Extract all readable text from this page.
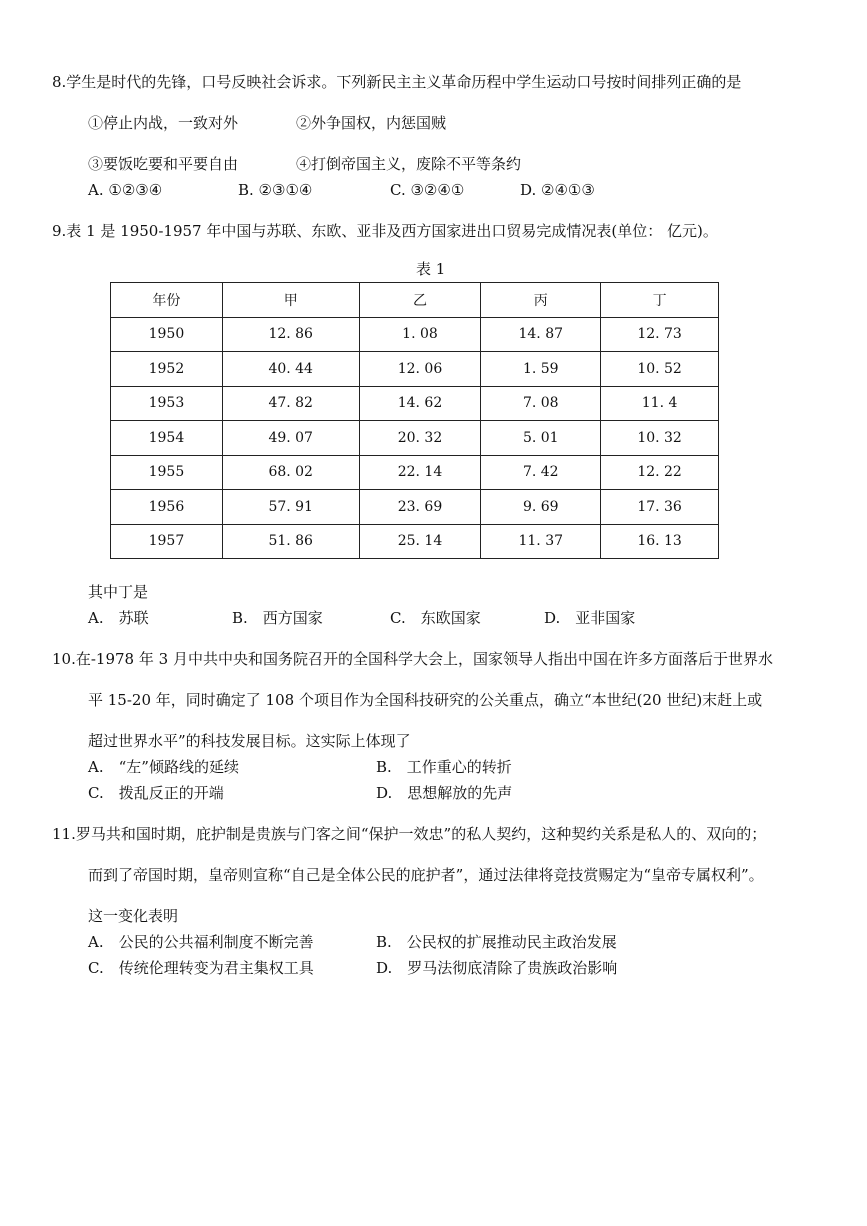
8.学生是时代的先锋，口号反映社会诉求。下列新民主主义革命历程中学生运动口号按时间排列正确的是
①停止内战，一致对外	②外争国权，内惩国贼
③要饭吃要和平要自由	④打倒帝国主义，废除不平等条约
A. ①②③④	B. ②③①④	C. ③②④①	D. ②④①③
9.表 1 是 1950-1957 年中国与苏联、东欧、亚非及西方国家进出口贸易完成情况表(单位： 亿元)。
表 1
年份	甲	乙	丙	丁
1950	12. 86	1. 08	14. 87	12. 73
1952	40. 44	12. 06	1. 59	10. 52
1953	47. 82	14. 62	7. 08	11. 4
1954	49. 07	20. 32	5. 01	10. 32
1955	68. 02	22. 14	7. 42	12. 22
1956	57. 91	23. 69	9. 69	17. 36
1957	51. 86	25. 14	11. 37	16. 13
其中丁是
A.　苏联	B.　西方国家	C.　东欧国家	D.　亚非国家
10.在-1978 年 3 月中共中央和国务院召开的全国科学大会上，国家领导人指出中国在许多方面落后于世界水
平 15-20 年，同时确定了 108 个项目作为全国科技研究的公关重点，确立“本世纪(20 世纪)末赶上或
超过世界水平”的科技发展目标。这实际上体现了
A.　“左”倾路线的延续	B.　工作重心的转折
C.　拨乱反正的开端	D.　思想解放的先声
11.罗马共和国时期，庇护制是贵族与门客之间“保护一效忠”的私人契约，这种契约关系是私人的、双向的；
而到了帝国时期，皇帝则宣称“自己是全体公民的庇护者”，通过法律将竞技赏赐定为“皇帝专属权利”。
这一变化表明
A.　公民的公共福利制度不断完善	B.　公民权的扩展推动民主政治发展
C.　传统伦理转变为君主集权工具	D.　罗马法彻底清除了贵族政治影响
